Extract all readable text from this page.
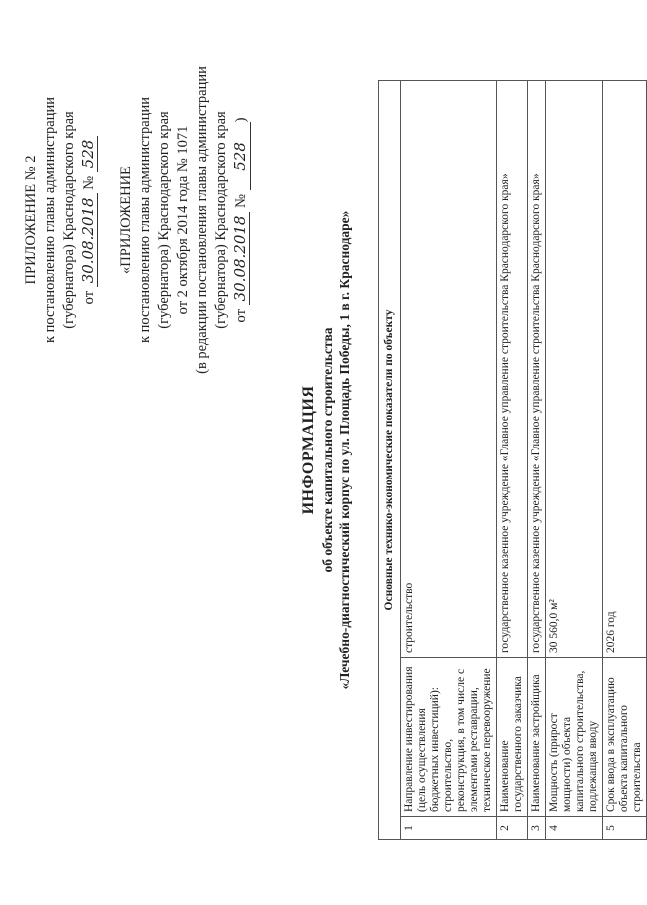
ПРИЛОЖЕНИЕ № 2 к постановлению главы администрации (губернатора) Краснодарского края от 30.08.2018 № 528
«ПРИЛОЖЕНИЕ к постановлению главы администрации (губернатора) Краснодарского края от 2 октября 2014 года № 1071 (в редакции постановления главы администрации (губернатора) Краснодарского края от 30.08.2018 № 528)
ИНФОРМАЦИЯ об объекте капитального строительства «Лечебно-диагностический корпус по ул. Площадь Победы, 1 в г. Краснодаре»	Основные технико-экономические показатели по объекту		
1	Направление инвестирования (цель осуществления бюджетных инвестиций): строительство, реконструкция, в том числе с элементами реставрации, техническое перевооружение	строительство
2	Наименование государственного заказчика	государственное казенное учреждение «Главное управление строительства Краснодарского края»
3	Наименование застройщика	государственное казенное учреждение «Главное управление строительства Краснодарского края»
4	Мощность (прирост мощности) объекта капитального строительства, подлежащая вводу	30 560,0 м²
5	Срок ввода в эксплуатацию объекта капитального строительства	2026 год
